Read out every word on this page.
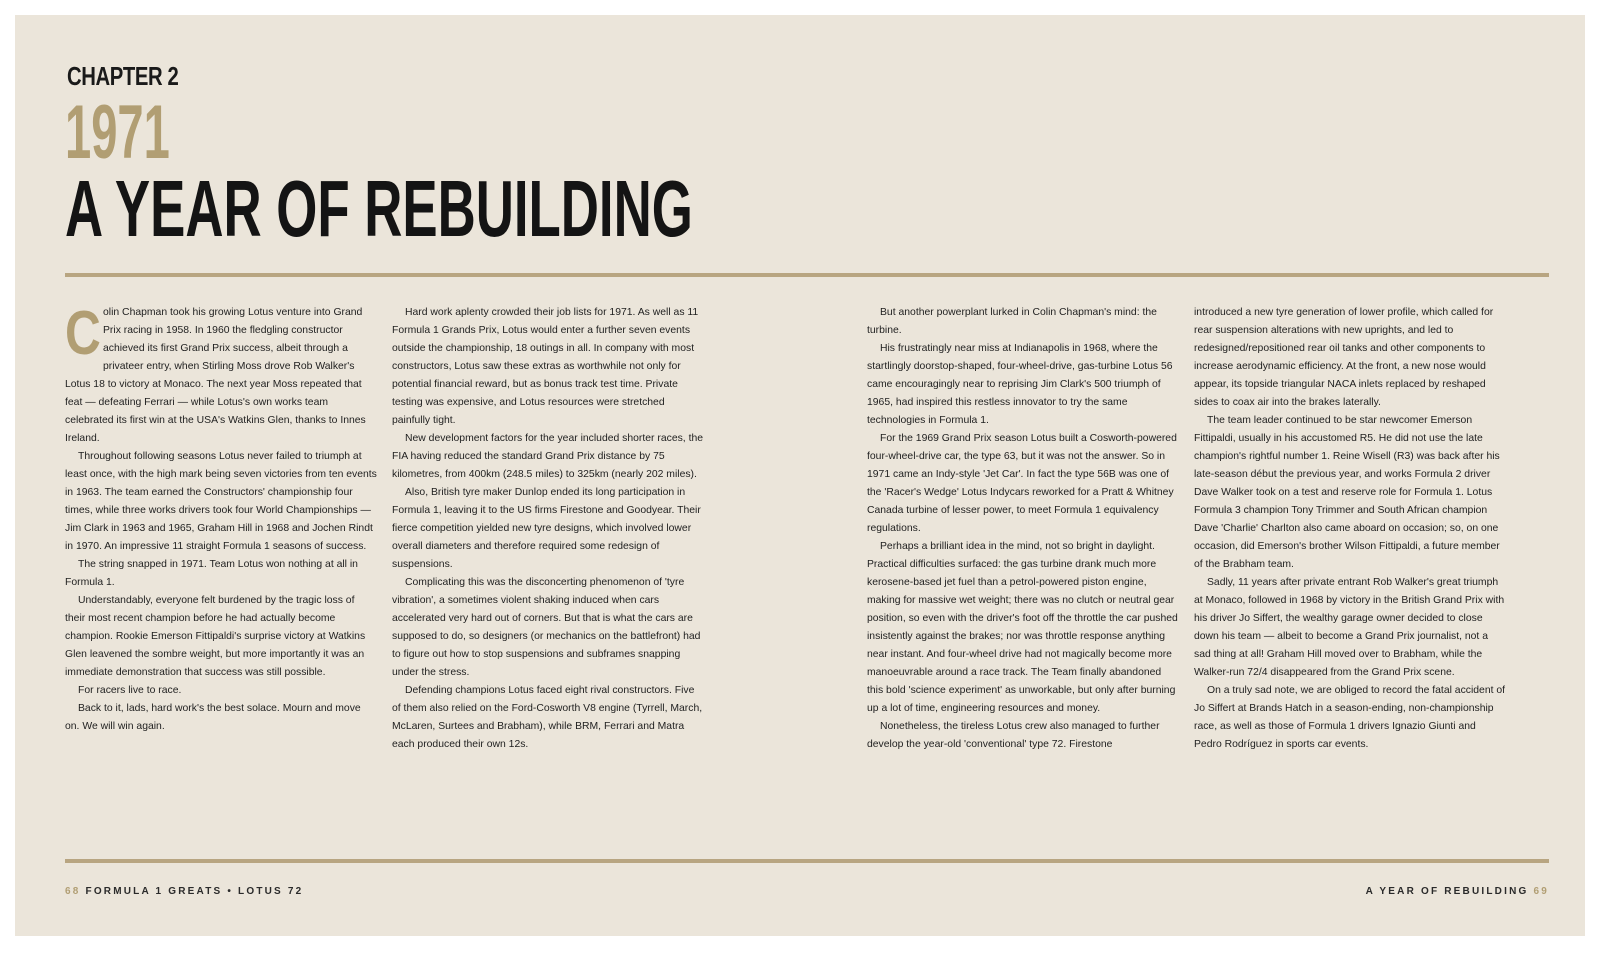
CHAPTER 2
1971
A YEAR OF REBUILDING

Colin Chapman took his growing Lotus venture into Grand Prix racing in 1958. In 1960 the fledgling constructor achieved its first Grand Prix success, albeit through a privateer entry, when Stirling Moss drove Rob Walker's Lotus 18 to victory at Monaco. The next year Moss repeated that feat — defeating Ferrari — while Lotus's own works team celebrated its first win at the USA's Watkins Glen, thanks to Innes Ireland.

Throughout following seasons Lotus never failed to triumph at least once, with the high mark being seven victories from ten events in 1963. The team earned the Constructors' championship four times, while three works drivers took four World Championships — Jim Clark in 1963 and 1965, Graham Hill in 1968 and Jochen Rindt in 1970. An impressive 11 straight Formula 1 seasons of success.

The string snapped in 1971. Team Lotus won nothing at all in Formula 1.

Understandably, everyone felt burdened by the tragic loss of their most recent champion before he had actually become champion. Rookie Emerson Fittipaldi's surprise victory at Watkins Glen leavened the sombre weight, but more importantly it was an immediate demonstration that success was still possible.

For racers live to race.

Back to it, lads, hard work's the best solace. Mourn and move on. We will win again.

Hard work aplenty crowded their job lists for 1971. As well as 11 Formula 1 Grands Prix, Lotus would enter a further seven events outside the championship, 18 outings in all. In company with most constructors, Lotus saw these extras as worthwhile not only for potential financial reward, but as bonus track test time. Private testing was expensive, and Lotus resources were stretched painfully tight.

New development factors for the year included shorter races, the FIA having reduced the standard Grand Prix distance by 75 kilometres, from 400km (248.5 miles) to 325km (nearly 202 miles).

Also, British tyre maker Dunlop ended its long participation in Formula 1, leaving it to the US firms Firestone and Goodyear. Their fierce competition yielded new tyre designs, which involved lower overall diameters and therefore required some redesign of suspensions.

Complicating this was the disconcerting phenomenon of 'tyre vibration', a sometimes violent shaking induced when cars accelerated very hard out of corners. But that is what the cars are supposed to do, so designers (or mechanics on the battlefront) had to figure out how to stop suspensions and subframes snapping under the stress.

Defending champions Lotus faced eight rival constructors. Five of them also relied on the Ford-Cosworth V8 engine (Tyrrell, March, McLaren, Surtees and Brabham), while BRM, Ferrari and Matra each produced their own 12s.

But another powerplant lurked in Colin Chapman's mind: the turbine.

His frustratingly near miss at Indianapolis in 1968, where the startlingly doorstop-shaped, four-wheel-drive, gas-turbine Lotus 56 came encouragingly near to reprising Jim Clark's 500 triumph of 1965, had inspired this restless innovator to try the same technologies in Formula 1.

For the 1969 Grand Prix season Lotus built a Cosworth-powered four-wheel-drive car, the type 63, but it was not the answer. So in 1971 came an Indy-style 'Jet Car'. In fact the type 56B was one of the 'Racer's Wedge' Lotus Indycars reworked for a Pratt & Whitney Canada turbine of lesser power, to meet Formula 1 equivalency regulations.

Perhaps a brilliant idea in the mind, not so bright in daylight. Practical difficulties surfaced: the gas turbine drank much more kerosene-based jet fuel than a petrol-powered piston engine, making for massive wet weight; there was no clutch or neutral gear position, so even with the driver's foot off the throttle the car pushed insistently against the brakes; nor was throttle response anything near instant. And four-wheel drive had not magically become more manoeuvrable around a race track. The Team finally abandoned this bold 'science experiment' as unworkable, but only after burning up a lot of time, engineering resources and money.

Nonetheless, the tireless Lotus crew also managed to further develop the year-old 'conventional' type 72. Firestone

introduced a new tyre generation of lower profile, which called for rear suspension alterations with new uprights, and led to redesigned/repositioned rear oil tanks and other components to increase aerodynamic efficiency. At the front, a new nose would appear, its topside triangular NACA inlets replaced by reshaped sides to coax air into the brakes laterally.

The team leader continued to be star newcomer Emerson Fittipaldi, usually in his accustomed R5. He did not use the late champion's rightful number 1. Reine Wisell (R3) was back after his late-season début the previous year, and works Formula 2 driver Dave Walker took on a test and reserve role for Formula 1. Lotus Formula 3 champion Tony Trimmer and South African champion Dave 'Charlie' Charlton also came aboard on occasion; so, on one occasion, did Emerson's brother Wilson Fittipaldi, a future member of the Brabham team.

Sadly, 11 years after private entrant Rob Walker's great triumph at Monaco, followed in 1968 by victory in the British Grand Prix with his driver Jo Siffert, the wealthy garage owner decided to close down his team — albeit to become a Grand Prix journalist, not a sad thing at all! Graham Hill moved over to Brabham, while the Walker-run 72/4 disappeared from the Grand Prix scene.

On a truly sad note, we are obliged to record the fatal accident of Jo Siffert at Brands Hatch in a season-ending, non-championship race, as well as those of Formula 1 drivers Ignazio Giunti and Pedro Rodríguez in sports car events.

68 FORMULA 1 GREATS • LOTUS 72	A YEAR OF REBUILDING 69
